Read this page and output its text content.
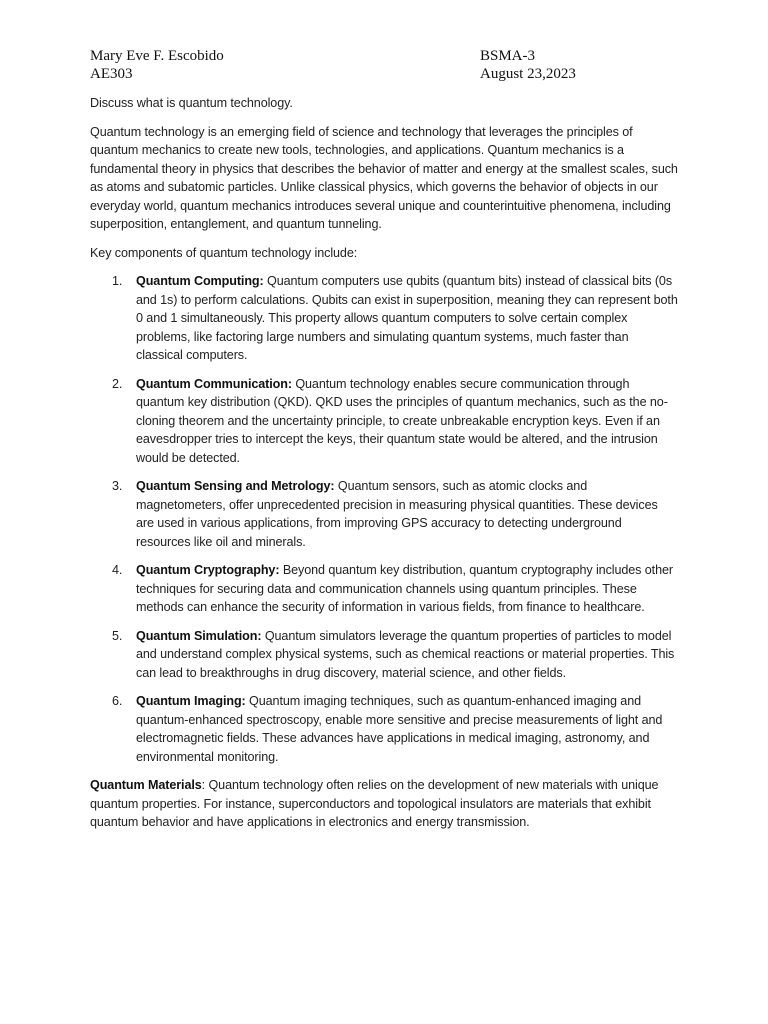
Mary Eve F. Escobido
AE303
BSMA-3
August 23,2023

Discuss what is quantum technology.

Quantum technology is an emerging field of science and technology that leverages the principles of quantum mechanics to create new tools, technologies, and applications. Quantum mechanics is a fundamental theory in physics that describes the behavior of matter and energy at the smallest scales, such as atoms and subatomic particles. Unlike classical physics, which governs the behavior of objects in our everyday world, quantum mechanics introduces several unique and counterintuitive phenomena, including superposition, entanglement, and quantum tunneling.

Key components of quantum technology include:

1. Quantum Computing: Quantum computers use qubits (quantum bits) instead of classical bits (0s and 1s) to perform calculations. Qubits can exist in superposition, meaning they can represent both 0 and 1 simultaneously. This property allows quantum computers to solve certain complex problems, like factoring large numbers and simulating quantum systems, much faster than classical computers.
2. Quantum Communication: Quantum technology enables secure communication through quantum key distribution (QKD). QKD uses the principles of quantum mechanics, such as the no-cloning theorem and the uncertainty principle, to create unbreakable encryption keys. Even if an eavesdropper tries to intercept the keys, their quantum state would be altered, and the intrusion would be detected.
3. Quantum Sensing and Metrology: Quantum sensors, such as atomic clocks and magnetometers, offer unprecedented precision in measuring physical quantities. These devices are used in various applications, from improving GPS accuracy to detecting underground resources like oil and minerals.
4. Quantum Cryptography: Beyond quantum key distribution, quantum cryptography includes other techniques for securing data and communication channels using quantum principles. These methods can enhance the security of information in various fields, from finance to healthcare.
5. Quantum Simulation: Quantum simulators leverage the quantum properties of particles to model and understand complex physical systems, such as chemical reactions or material properties. This can lead to breakthroughs in drug discovery, material science, and other fields.
6. Quantum Imaging: Quantum imaging techniques, such as quantum-enhanced imaging and quantum-enhanced spectroscopy, enable more sensitive and precise measurements of light and electromagnetic fields. These advances have applications in medical imaging, astronomy, and environmental monitoring.

Quantum Materials: Quantum technology often relies on the development of new materials with unique quantum properties. For instance, superconductors and topological insulators are materials that exhibit quantum behavior and have applications in electronics and energy transmission.
